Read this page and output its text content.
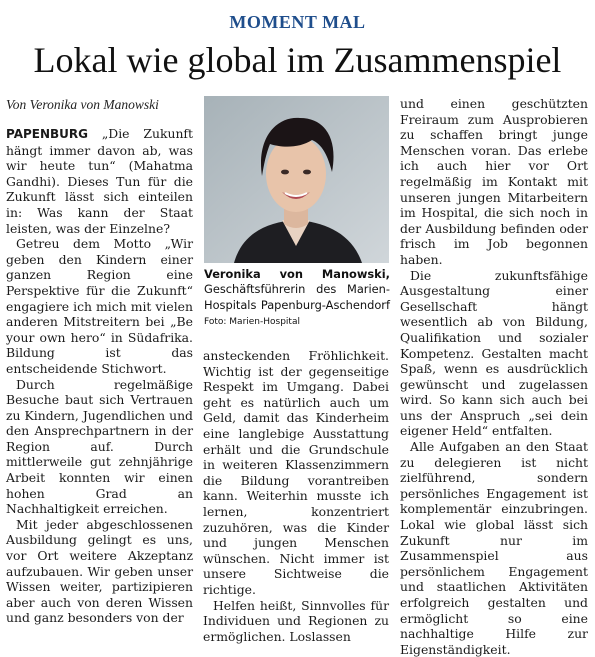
MOMENT MAL
Lokal wie global im Zusammenspiel
Von Veronika von Manowski

PAPENBURG „Die Zukunft hängt immer davon ab, was wir heute tun“ (Mahatma Gandhi). Dieses Tun für die Zukunft lässt sich einteilen in: Was kann der Staat leisten, was der Einzelne?

Getreu dem Motto „Wir geben den Kindern einer ganzen Region eine Perspektive für die Zukunft“ engagiere ich mich mit vielen anderen Mitstreitern bei „Be your own hero“ in Südafrika. Bildung ist das entscheidende Stichwort.

Durch regelmäßige Besuche baut sich Vertrauen zu Kindern, Jugendlichen und den Ansprechpartnern in der Region auf. Durch mittlerweile gut zehnjährige Arbeit konnten wir einen hohen Grad an Nachhaltigkeit erreichen.

Mit jeder abgeschlossenen Ausbildung gelingt es uns, vor Ort weitere Akzeptanz aufzubauen. Wir geben unser Wissen weiter, partizipieren aber auch von deren Wissen und ganz besonders von der

Veronika von Manowski, Geschäftsführerin des Marien-Hospitals Papenburg-Aschendorf Foto: Marien-Hospital

ansteckenden Fröhlichkeit. Wichtig ist der gegenseitige Respekt im Umgang. Dabei geht es natürlich auch um Geld, damit das Kinderheim eine langlebige Ausstattung erhält und die Grundschule in weiteren Klassenzimmern die Bildung vorantreiben kann. Weiterhin musste ich lernen, konzentriert zuzuhören, was die Kinder und jungen Menschen wünschen. Nicht immer ist unsere Sichtweise die richtige.

Helfen heißt, Sinnvolles für Individuen und Regionen zu ermöglichen. Loslassen

und einen geschützten Freiraum zum Ausprobieren zu schaffen bringt junge Menschen voran. Das erlebe ich auch hier vor Ort regelmäßig im Kontakt mit unseren jungen Mitarbeitern im Hospital, die sich noch in der Ausbildung befinden oder frisch im Job begonnen haben.

Die zukunftsfähige Ausgestaltung einer Gesellschaft hängt wesentlich ab von Bildung, Qualifikation und sozialer Kompetenz. Gestalten macht Spaß, wenn es ausdrücklich gewünscht und zugelassen wird. So kann sich auch bei uns der Anspruch „sei dein eigener Held“ entfalten.

Alle Aufgaben an den Staat zu delegieren ist nicht zielführend, sondern persönliches Engagement ist komplementär einzubringen. Lokal wie global lässt sich Zukunft nur im Zusammenspiel aus persönlichem Engagement und staatlichen Aktivitäten erfolgreich gestalten und ermöglicht so eine nachhaltige Hilfe zur Eigenständigkeit.
